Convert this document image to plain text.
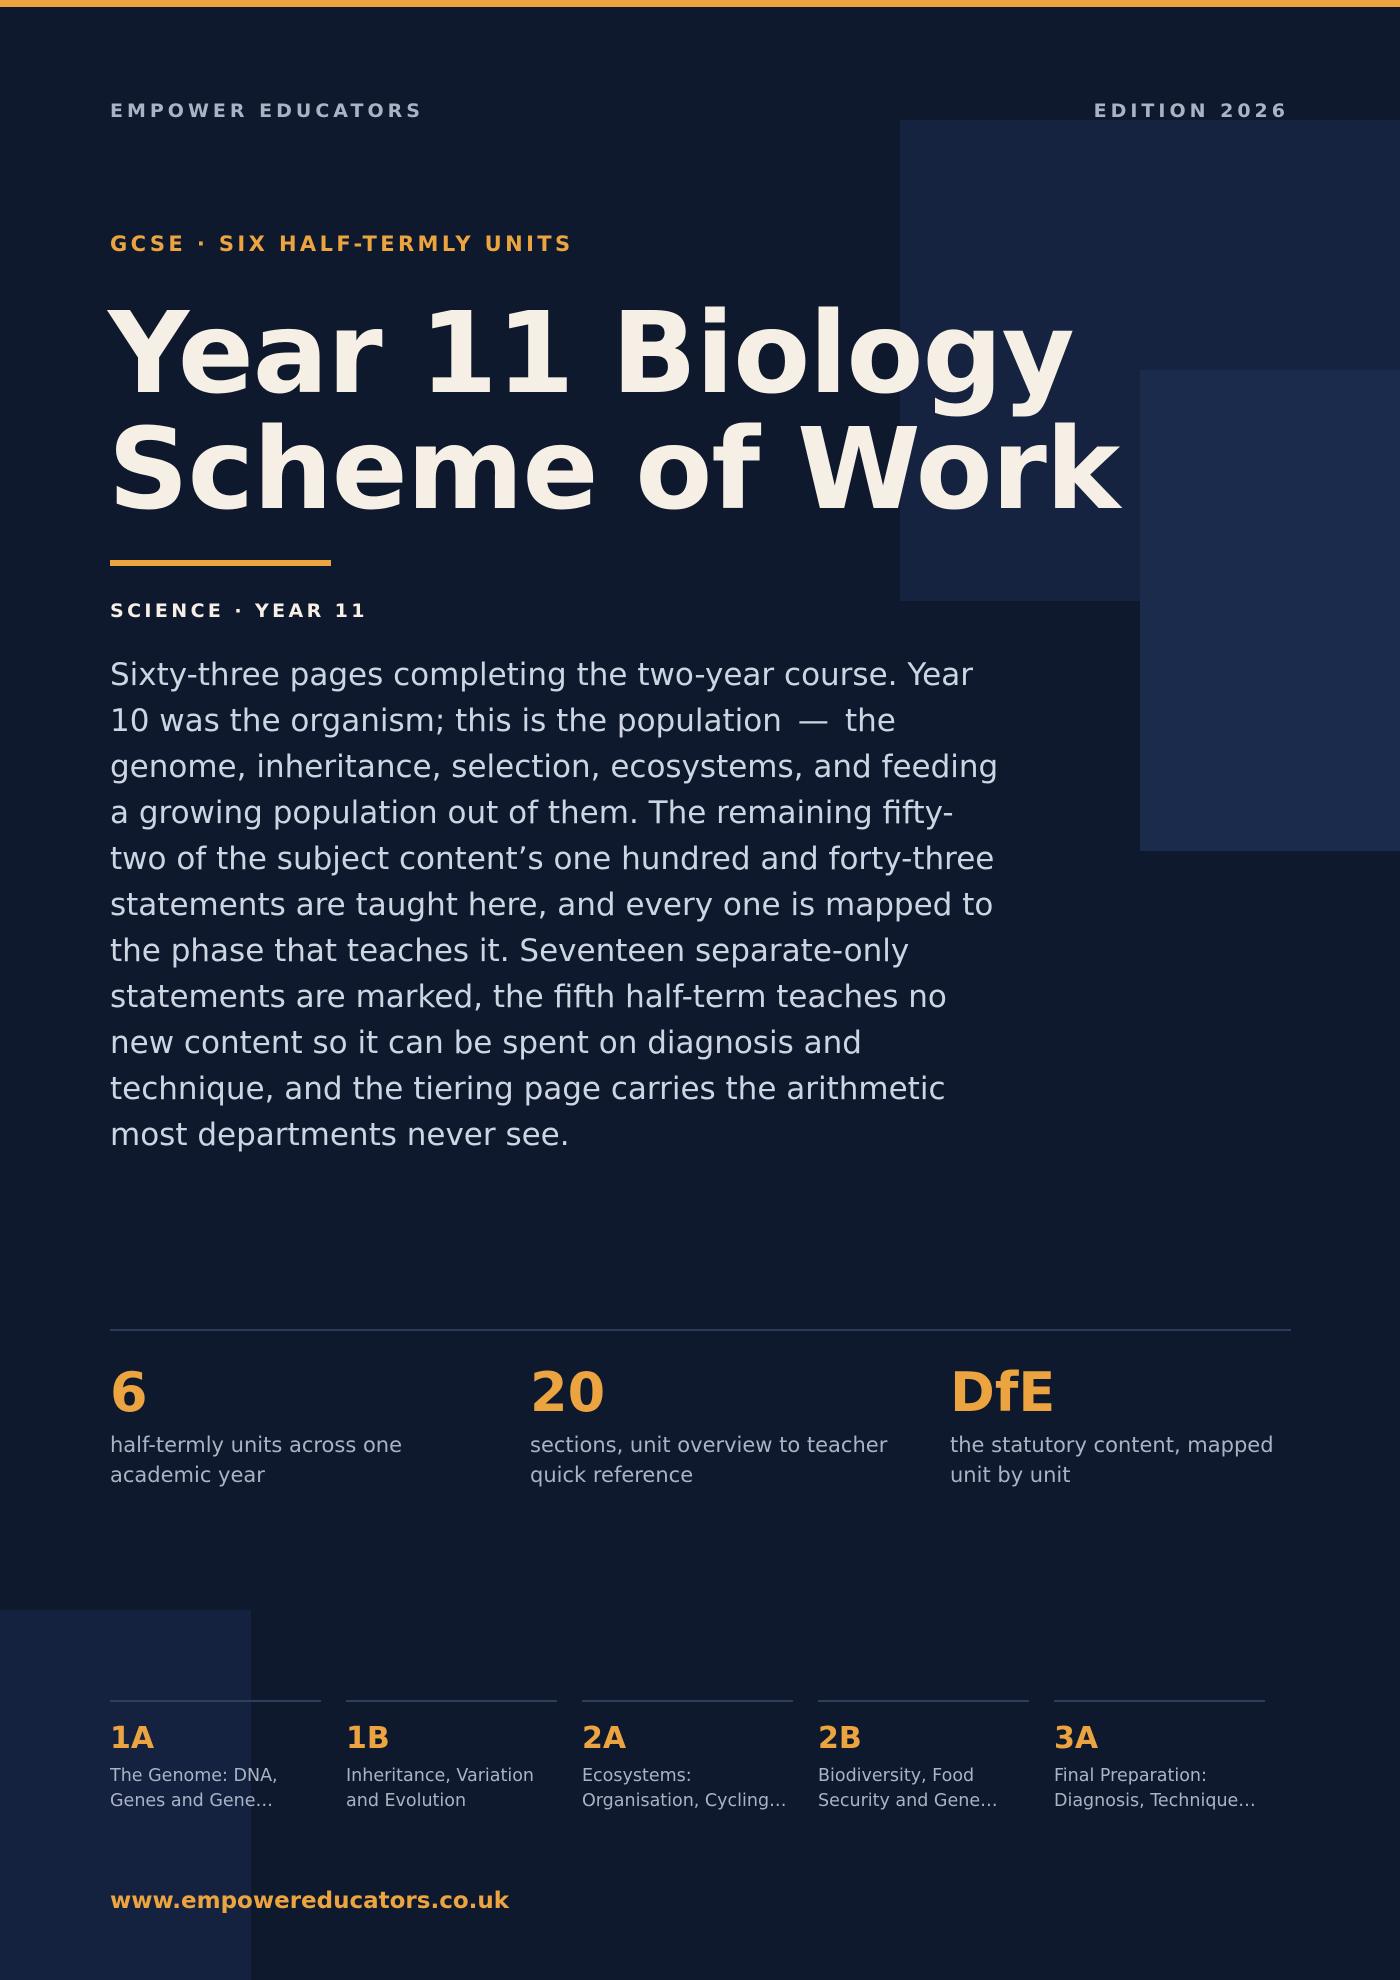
EMPOWER EDUCATORS	EDITION 2026
GCSE · SIX HALF-TERMLY UNITS
Year 11 Biology
Scheme of Work
SCIENCE · YEAR 11

Sixty-three pages completing the two-year course. Year 10 was the organism; this is the population  —  the genome, inheritance, selection, ecosystems, and feeding a growing population out of them. The remaining fifty-two of the subject content’s one hundred and forty-three statements are taught here, and every one is mapped to the phase that teaches it. Seventeen separate-only statements are marked, the fifth half-term teaches no new content so it can be spent on diagnosis and technique, and the tiering page carries the arithmetic most departments never see.

6
half-termly units across one academic year
20
sections, unit overview to teacher quick reference
DfE
the statutory content, mapped unit by unit
1A
The Genome: DNA, Genes and Gene…
1B
Inheritance, Variation and Evolution
2A
Ecosystems: Organisation, Cycling…
2B
Biodiversity, Food Security and Gene…
3A
Final Preparation: Diagnosis, Technique…
www.empowereducators.co.uk
